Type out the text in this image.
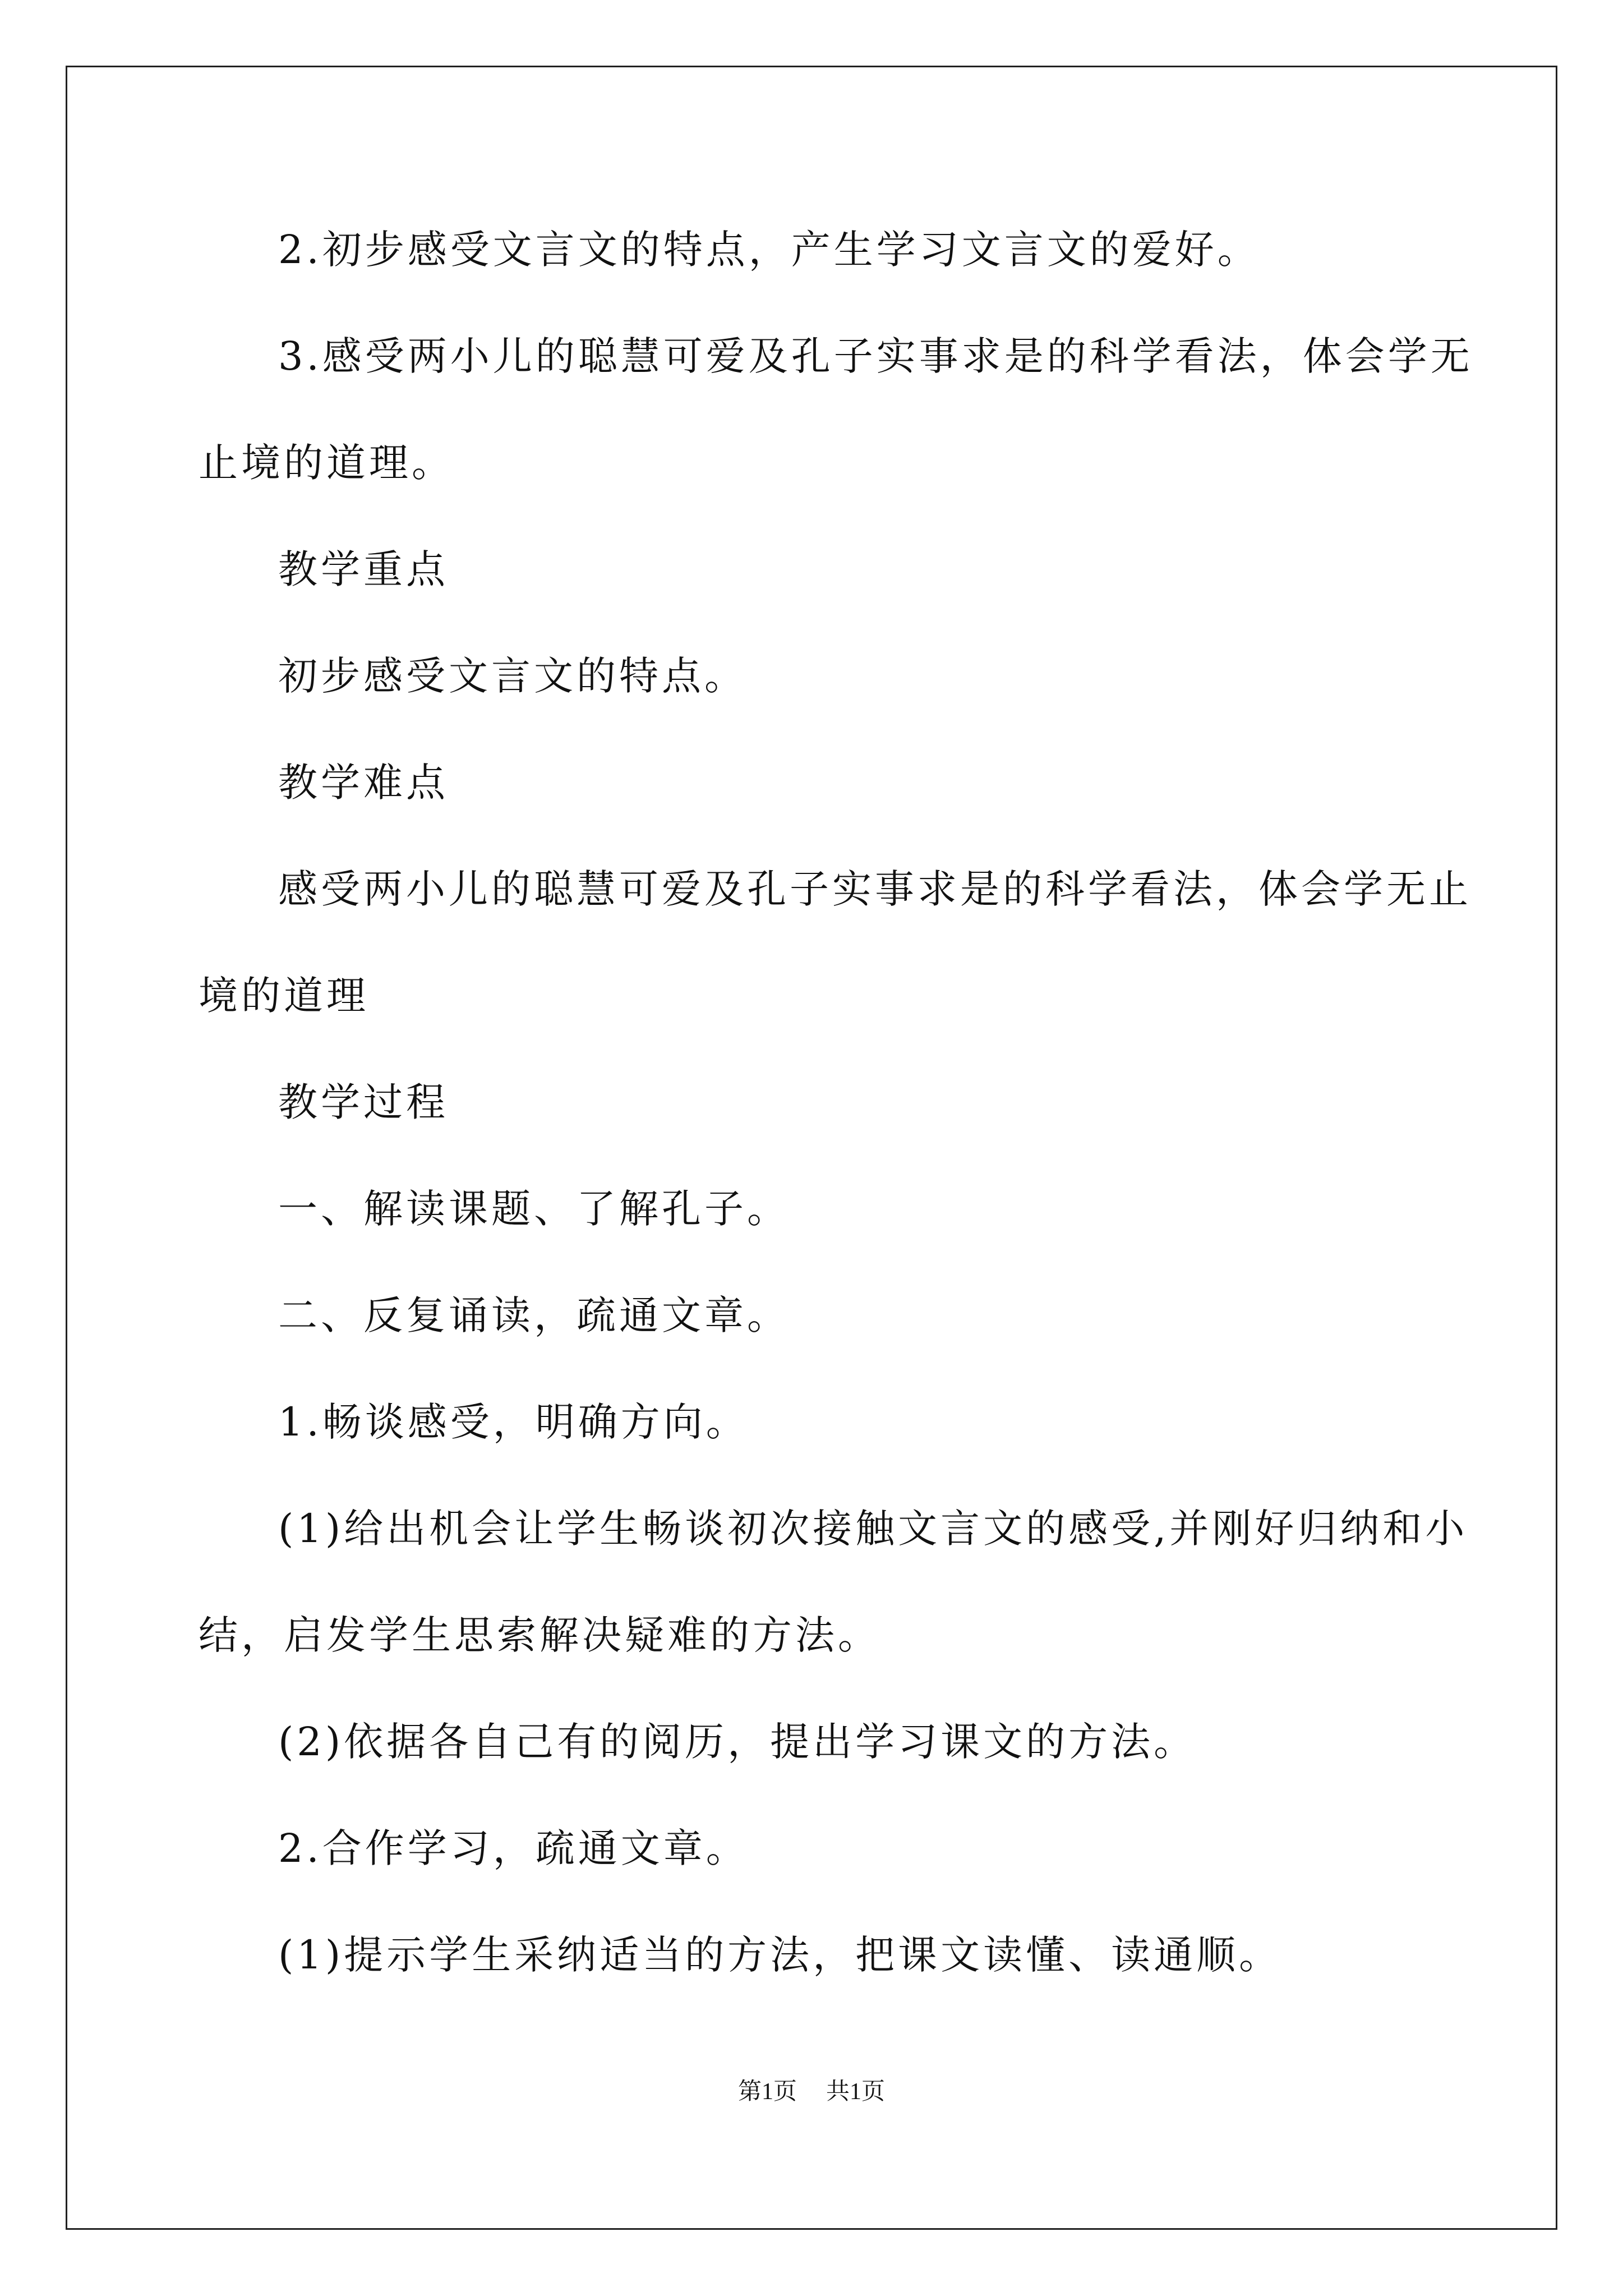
2.初步感受文言文的特点，产生学习文言文的爱好。

3.感受两小儿的聪慧可爱及孔子实事求是的科学看法，体会学无

止境的道理。

教学重点

初步感受文言文的特点。

教学难点

感受两小儿的聪慧可爱及孔子实事求是的科学看法，体会学无止

境的道理

教学过程

一、解读课题、了解孔子。

二、反复诵读，疏通文章。

1.畅谈感受，明确方向。

(1)给出机会让学生畅谈初次接触文言文的感受,并刚好归纳和小

结，启发学生思索解决疑难的方法。

(2)依据各自己有的阅历，提出学习课文的方法。

2.合作学习，疏通文章。

(1)提示学生采纳适当的方法，把课文读懂、读通顺。

第1页 共1页
